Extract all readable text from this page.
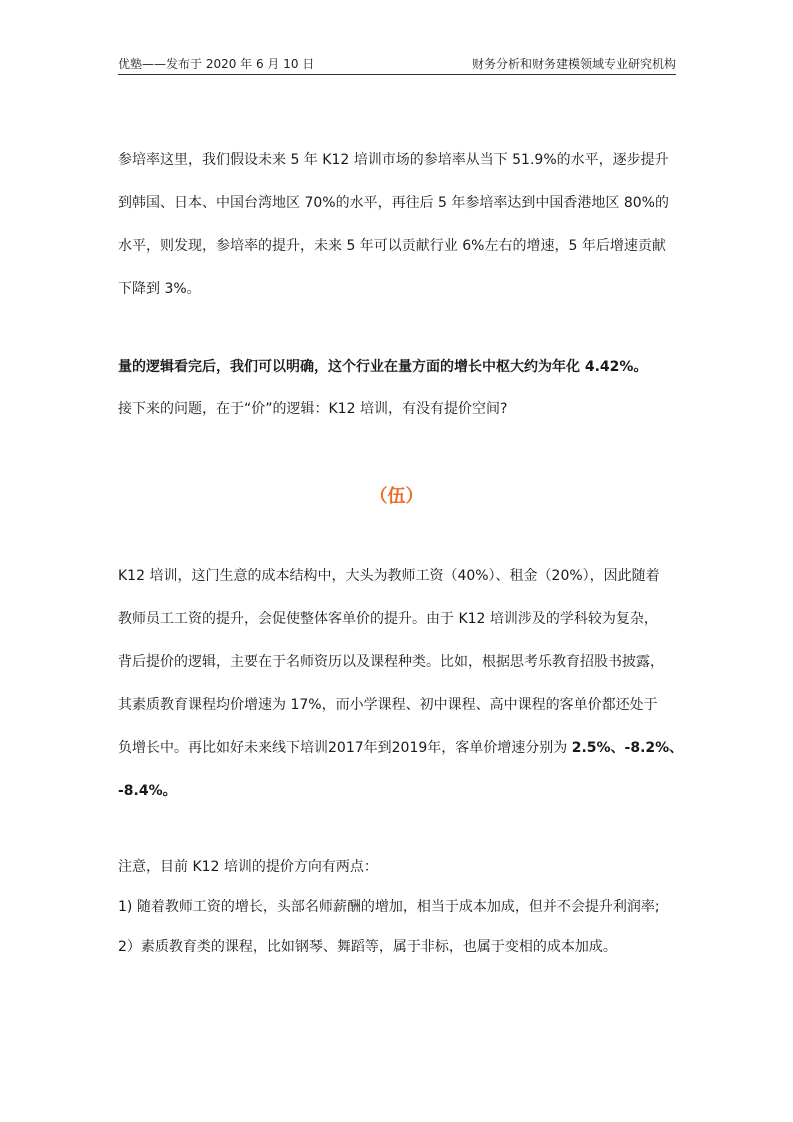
优塾——发布于 2020 年 6 月 10 日	财务分析和财务建模领域专业研究机构
参培率这里，我们假设未来 5 年 K12 培训市场的参培率从当下 51.9%的水平，逐步提升
到韩国、日本、中国台湾地区 70%的水平，再往后 5 年参培率达到中国香港地区 80%的
水平，则发现，参培率的提升，未来 5 年可以贡献行业 6%左右的增速，5 年后增速贡献
下降到 3%。
量的逻辑看完后，我们可以明确，这个行业在量方面的增长中枢大约为年化 4.42%。
接下来的问题，在于“价”的逻辑：K12 培训，有没有提价空间?
（伍）
K12 培训，这门生意的成本结构中，大头为教师工资（40%）、租金（20%），因此随着
教师员工工资的提升，会促使整体客单价的提升。由于 K12 培训涉及的学科较为复杂，
背后提价的逻辑，主要在于名师资历以及课程种类。比如，根据思考乐教育招股书披露，
其素质教育课程均价增速为 17%，而小学课程、初中课程、高中课程的客单价都还处于
负增长中。再比如好未来线下培训2017年到2019年，客单价增速分别为 2.5%、-8.2%、
-8.4%。
注意，目前 K12 培训的提价方向有两点：
1) 随着教师工资的增长，头部名师薪酬的增加，相当于成本加成，但并不会提升利润率;
2）素质教育类的课程，比如钢琴、舞蹈等，属于非标，也属于变相的成本加成。
